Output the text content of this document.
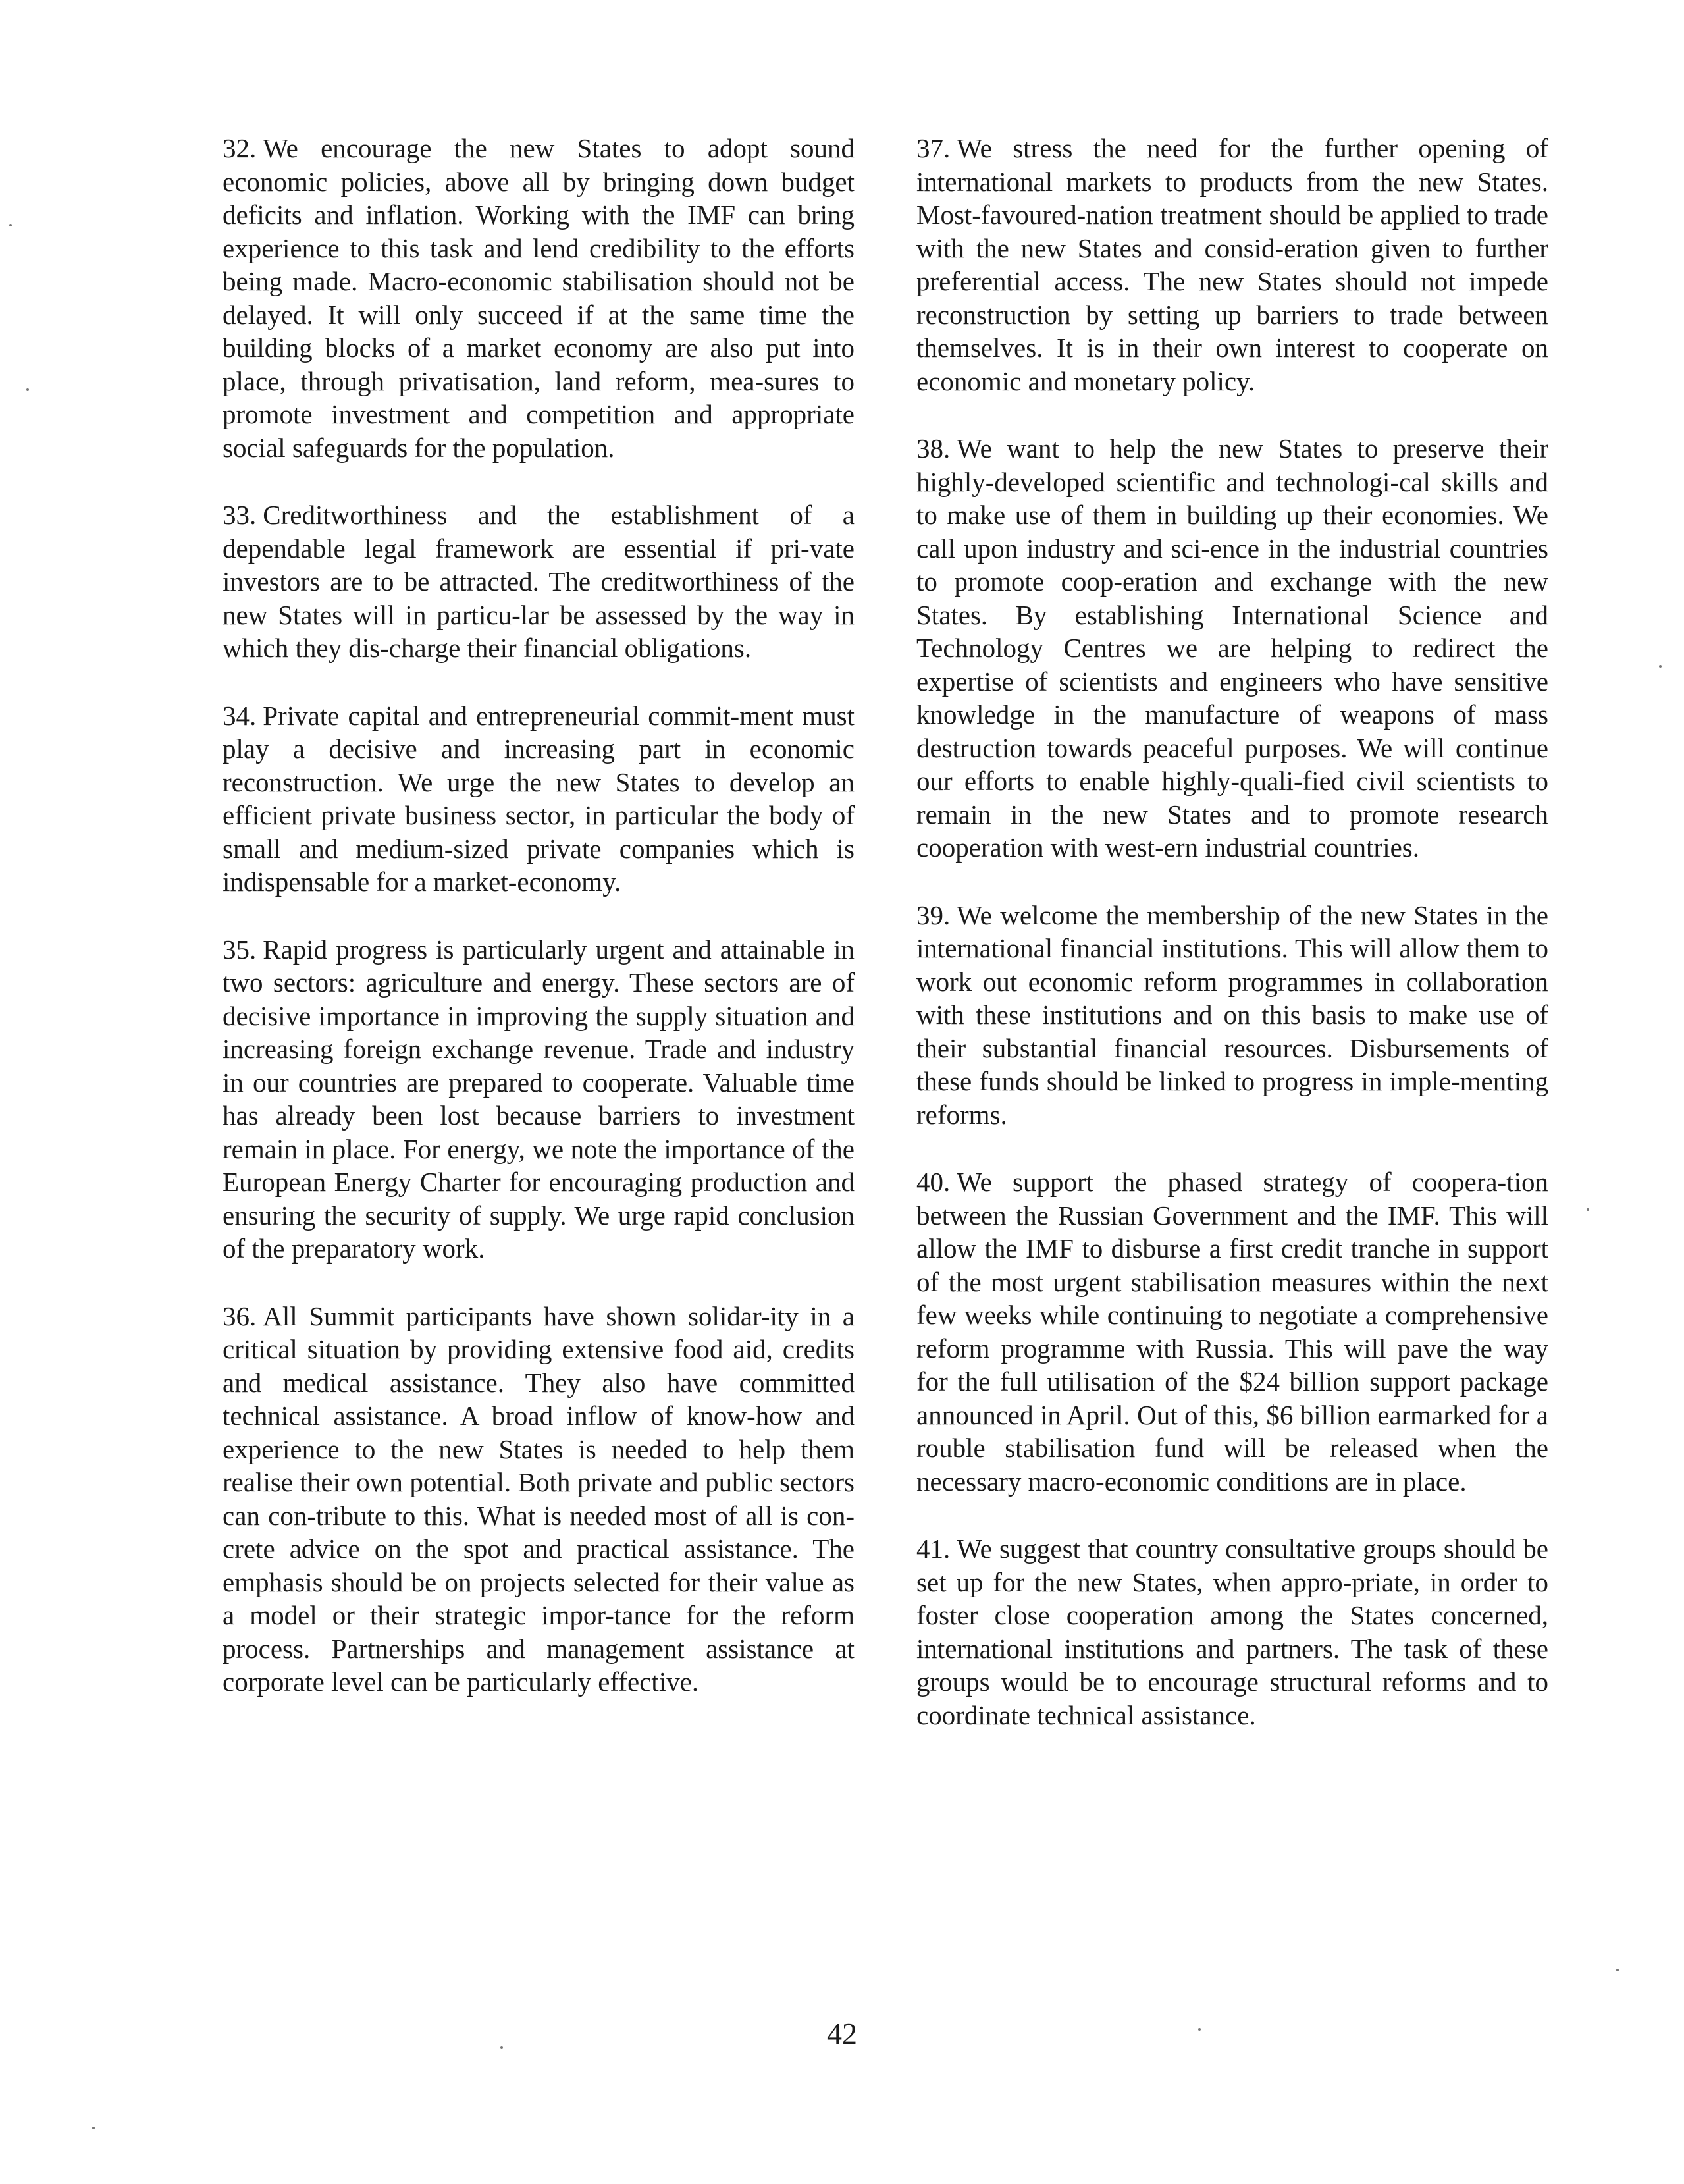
32. We encourage the new States to adopt sound economic policies, above all by bringing down budget deficits and inflation. Working with the IMF can bring experience to this task and lend credibility to the efforts being made. Macro-economic stabilisation should not be delayed. It will only succeed if at the same time the building blocks of a market economy are also put into place, through privatisation, land reform, mea-sures to promote investment and competition and appropriate social safeguards for the population.

33. Creditworthiness and the establishment of a dependable legal framework are essential if pri-vate investors are to be attracted. The creditworthiness of the new States will in particu-lar be assessed by the way in which they dis-charge their financial obligations.

34. Private capital and entrepreneurial commit-ment must play a decisive and increasing part in economic reconstruction. We urge the new States to develop an efficient private business sector, in particular the body of small and medium-sized private companies which is indispensable for a market-economy.

35. Rapid progress is particularly urgent and attainable in two sectors: agriculture and energy. These sectors are of decisive importance in improving the supply situation and increasing foreign exchange revenue. Trade and industry in our countries are prepared to cooperate. Valuable time has already been lost because barriers to investment remain in place. For energy, we note the importance of the European Energy Charter for encouraging production and ensuring the security of supply. We urge rapid conclusion of the preparatory work.

36. All Summit participants have shown solidar-ity in a critical situation by providing extensive food aid, credits and medical assistance. They also have committed technical assistance. A broad inflow of know-how and experience to the new States is needed to help them realise their own potential. Both private and public sectors can con-tribute to this. What is needed most of all is con-crete advice on the spot and practical assistance. The emphasis should be on projects selected for their value as a model or their strategic impor-tance for the reform process. Partnerships and management assistance at corporate level can be particularly effective.

37. We stress the need for the further opening of international markets to products from the new States. Most-favoured-nation treatment should be applied to trade with the new States and consid-eration given to further preferential access. The new States should not impede reconstruction by setting up barriers to trade between themselves. It is in their own interest to cooperate on economic and monetary policy.

38. We want to help the new States to preserve their highly-developed scientific and technologi-cal skills and to make use of them in building up their economies. We call upon industry and sci-ence in the industrial countries to promote coop-eration and exchange with the new States. By establishing International Science and Technology Centres we are helping to redirect the expertise of scientists and engineers who have sensitive knowledge in the manufacture of weapons of mass destruction towards peaceful purposes. We will continue our efforts to enable highly-quali-fied civil scientists to remain in the new States and to promote research cooperation with west-ern industrial countries.

39. We welcome the membership of the new States in the international financial institutions. This will allow them to work out economic reform programmes in collaboration with these institutions and on this basis to make use of their substantial financial resources. Disbursements of these funds should be linked to progress in imple-menting reforms.

40. We support the phased strategy of coopera-tion between the Russian Government and the IMF. This will allow the IMF to disburse a first credit tranche in support of the most urgent stabilisation measures within the next few weeks while continuing to negotiate a comprehensive reform programme with Russia. This will pave the way for the full utilisation of the $24 billion support package announced in April. Out of this, $6 billion earmarked for a rouble stabilisation fund will be released when the necessary macro-economic conditions are in place.

41. We suggest that country consultative groups should be set up for the new States, when appro-priate, in order to foster close cooperation among the States concerned, international institutions and partners. The task of these groups would be to encourage structural reforms and to coordinate technical assistance.

42
